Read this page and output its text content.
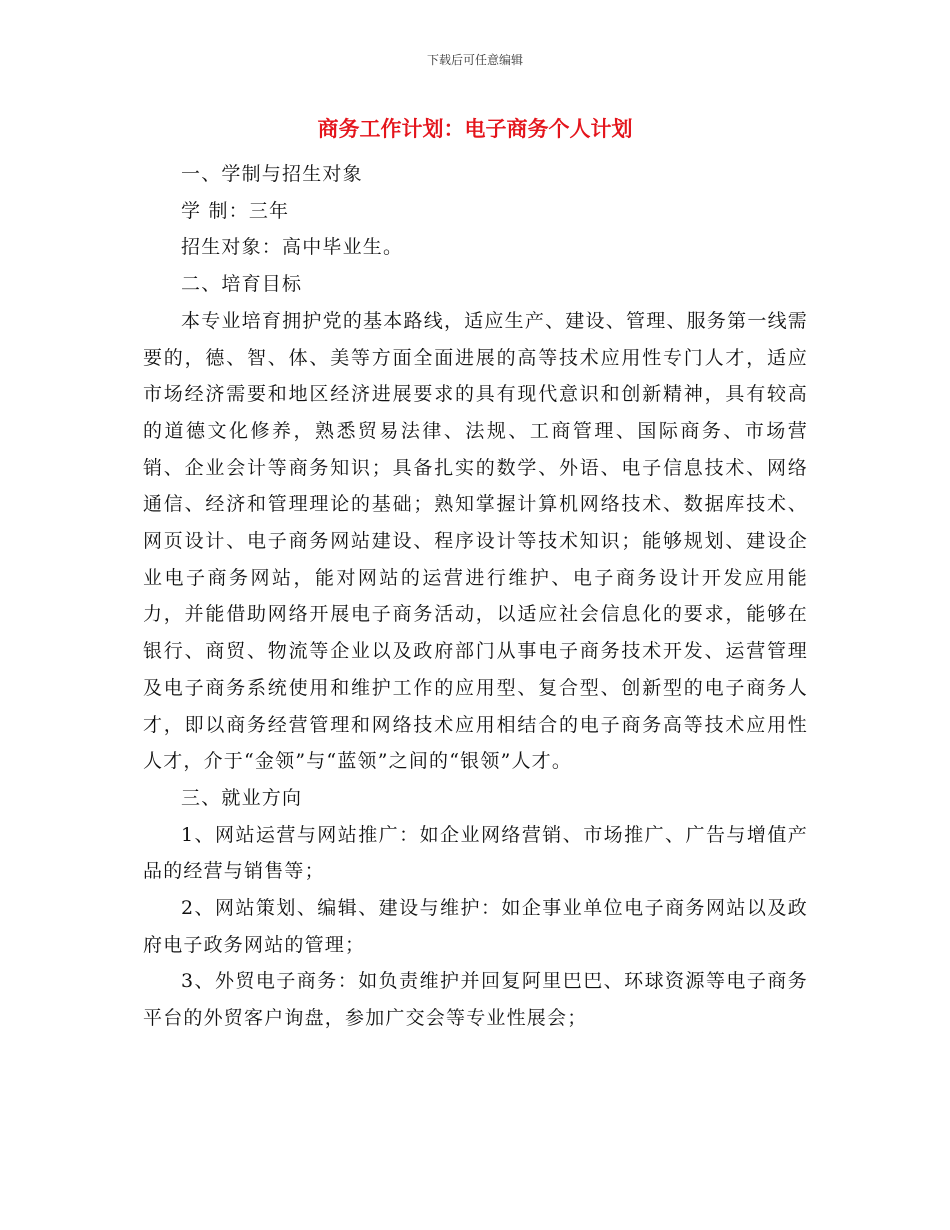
下载后可任意编辑
商务工作计划：电子商务个人计划

一、学制与招生对象

学 制：三年

招生对象：高中毕业生。

二、培育目标

本专业培育拥护党的基本路线，适应生产、建设、管理、服务第一线需要的，德、智、体、美等方面全面进展的高等技术应用性专门人才，适应市场经济需要和地区经济进展要求的具有现代意识和创新精神，具有较高的道德文化修养，熟悉贸易法律、法规、工商管理、国际商务、市场营销、企业会计等商务知识；具备扎实的数学、外语、电子信息技术、网络通信、经济和管理理论的基础；熟知掌握计算机网络技术、数据库技术、网页设计、电子商务网站建设、程序设计等技术知识；能够规划、建设企业电子商务网站，能对网站的运营进行维护、电子商务设计开发应用能力，并能借助网络开展电子商务活动，以适应社会信息化的要求，能够在银行、商贸、物流等企业以及政府部门从事电子商务技术开发、运营管理及电子商务系统使用和维护工作的应用型、复合型、创新型的电子商务人才，即以商务经营管理和网络技术应用相结合的电子商务高等技术应用性人才，介于“金领”与“蓝领”之间的“银领”人才。

三、就业方向

1、网站运营与网站推广：如企业网络营销、市场推广、广告与增值产品的经营与销售等；

2、网站策划、编辑、建设与维护：如企事业单位电子商务网站以及政府电子政务网站的管理；

3、外贸电子商务：如负责维护并回复阿里巴巴、环球资源等电子商务平台的外贸客户询盘，参加广交会等专业性展会；
